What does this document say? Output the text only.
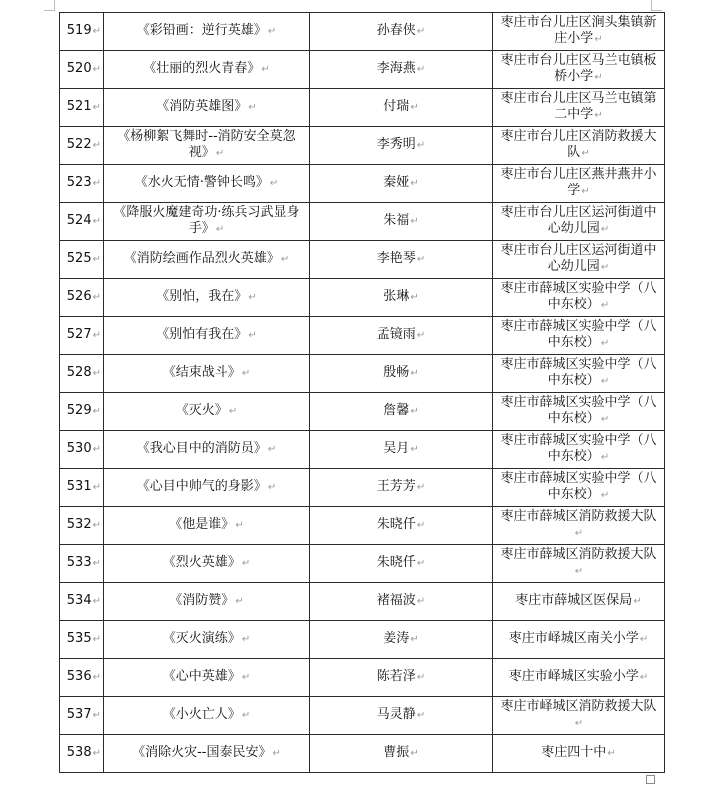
519↵	《彩铅画：逆行英雄》↵	孙春侠↵	枣庄市台儿庄区涧头集镇新庄小学↵
520↵	《壮丽的烈火青春》↵	李海燕↵	枣庄市台儿庄区马兰屯镇板桥小学↵
521↵	《消防英雄图》↵	付瑞↵	枣庄市台儿庄区马兰屯镇第二中学↵
522↵	《杨柳絮飞舞时--消防安全莫忽视》↵	李秀明↵	枣庄市台儿庄区消防救援大队↵
523↵	《水火无情·警钟长鸣》↵	秦娅↵	枣庄市台儿庄区燕井燕井小学↵
524↵	《降服火魔建奇功·练兵习武显身手》↵	朱福↵	枣庄市台儿庄区运河街道中心幼儿园↵
525↵	《消防绘画作品烈火英雄》↵	李艳琴↵	枣庄市台儿庄区运河街道中心幼儿园↵
526↵	《别怕，我在》↵	张琳↵	枣庄市薛城区实验中学（八中东校）↵
527↵	《别怕有我在》↵	孟镜雨↵	枣庄市薛城区实验中学（八中东校）↵
528↵	《结束战斗》↵	殷畅↵	枣庄市薛城区实验中学（八中东校）↵
529↵	《灭火》↵	詹馨↵	枣庄市薛城区实验中学（八中东校）↵
530↵	《我心目中的消防员》↵	吴月↵	枣庄市薛城区实验中学（八中东校）↵
531↵	《心目中帅气的身影》↵	王芳芳↵	枣庄市薛城区实验中学（八中东校）↵
532↵	《他是谁》↵	朱晓仟↵	枣庄市薛城区消防救援大队↵
533↵	《烈火英雄》↵	朱晓仟↵	枣庄市薛城区消防救援大队↵
534↵	《消防赞》↵	褚福波↵	枣庄市薛城区医保局↵
535↵	《灭火演练》↵	姜涛↵	枣庄市峄城区南关小学↵
536↵	《心中英雄》↵	陈若泽↵	枣庄市峄城区实验小学↵
537↵	《小火亡人》↵	马灵静↵	枣庄市峄城区消防救援大队↵
538↵	《消除火灾--国泰民安》↵	曹振↵	枣庄四十中↵
